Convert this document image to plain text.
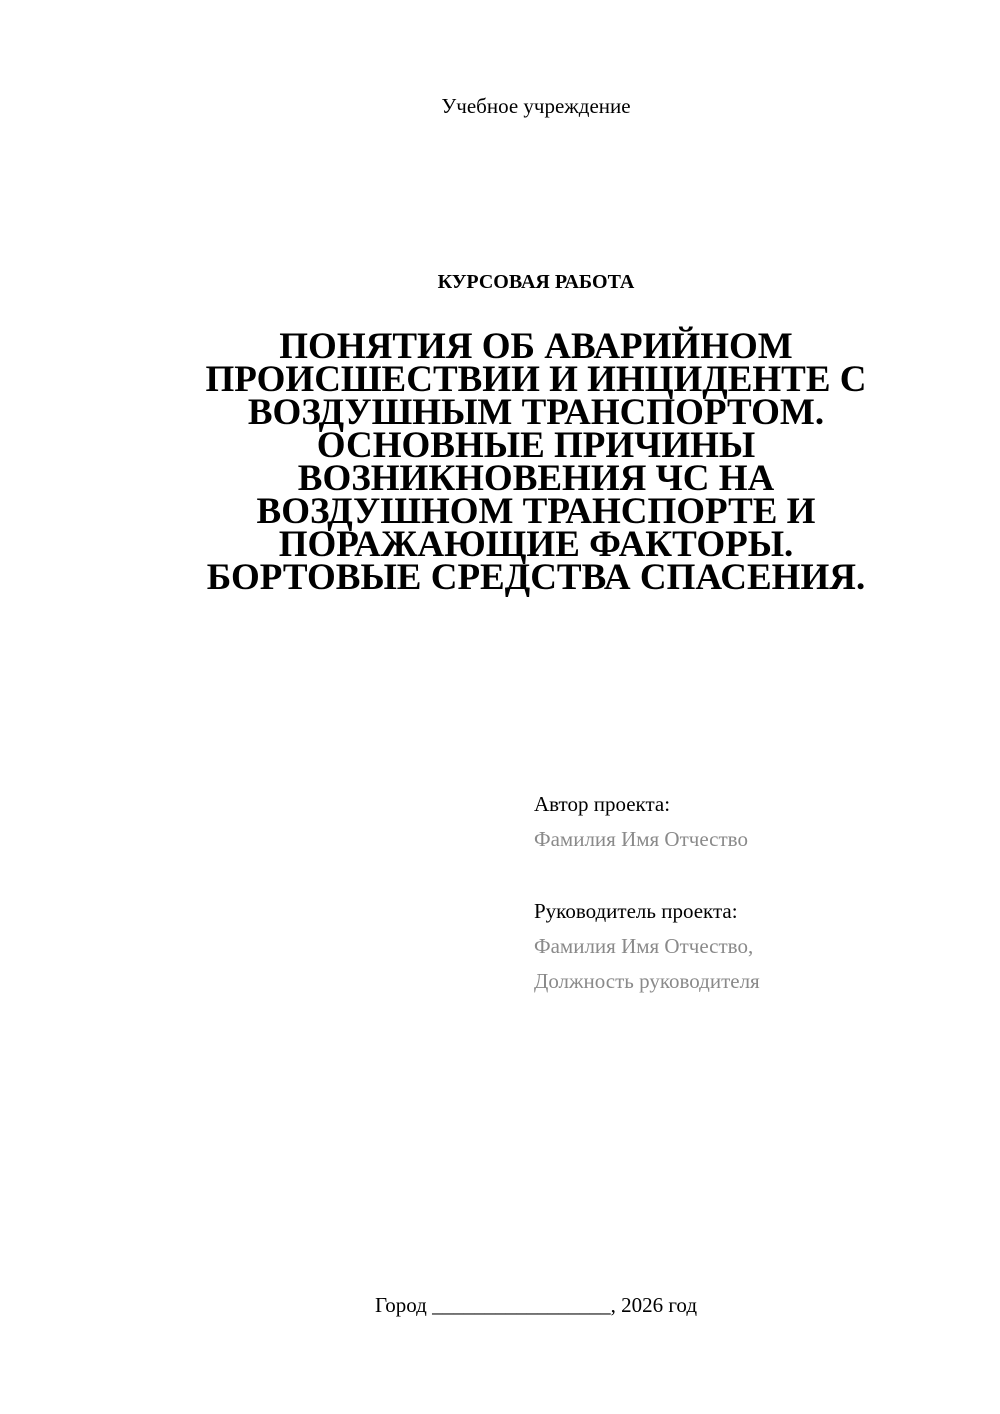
Учебное учреждение
КУРСОВАЯ РАБОТА
ПОНЯТИЯ ОБ АВАРИЙНОМ
ПРОИСШЕСТВИИ И ИНЦИДЕНТЕ С
ВОЗДУШНЫМ ТРАНСПОРТОМ.
ОСНОВНЫЕ ПРИЧИНЫ
ВОЗНИКНОВЕНИЯ ЧС НА
ВОЗДУШНОМ ТРАНСПОРТЕ И
ПОРАЖАЮЩИЕ ФАКТОРЫ.
БОРТОВЫЕ СРЕДСТВА СПАСЕНИЯ.
Автор проекта:
Фамилия Имя Отчество
Руководитель проекта:
Фамилия Имя Отчество,
Должность руководителя
Город _________________, 2026 год
